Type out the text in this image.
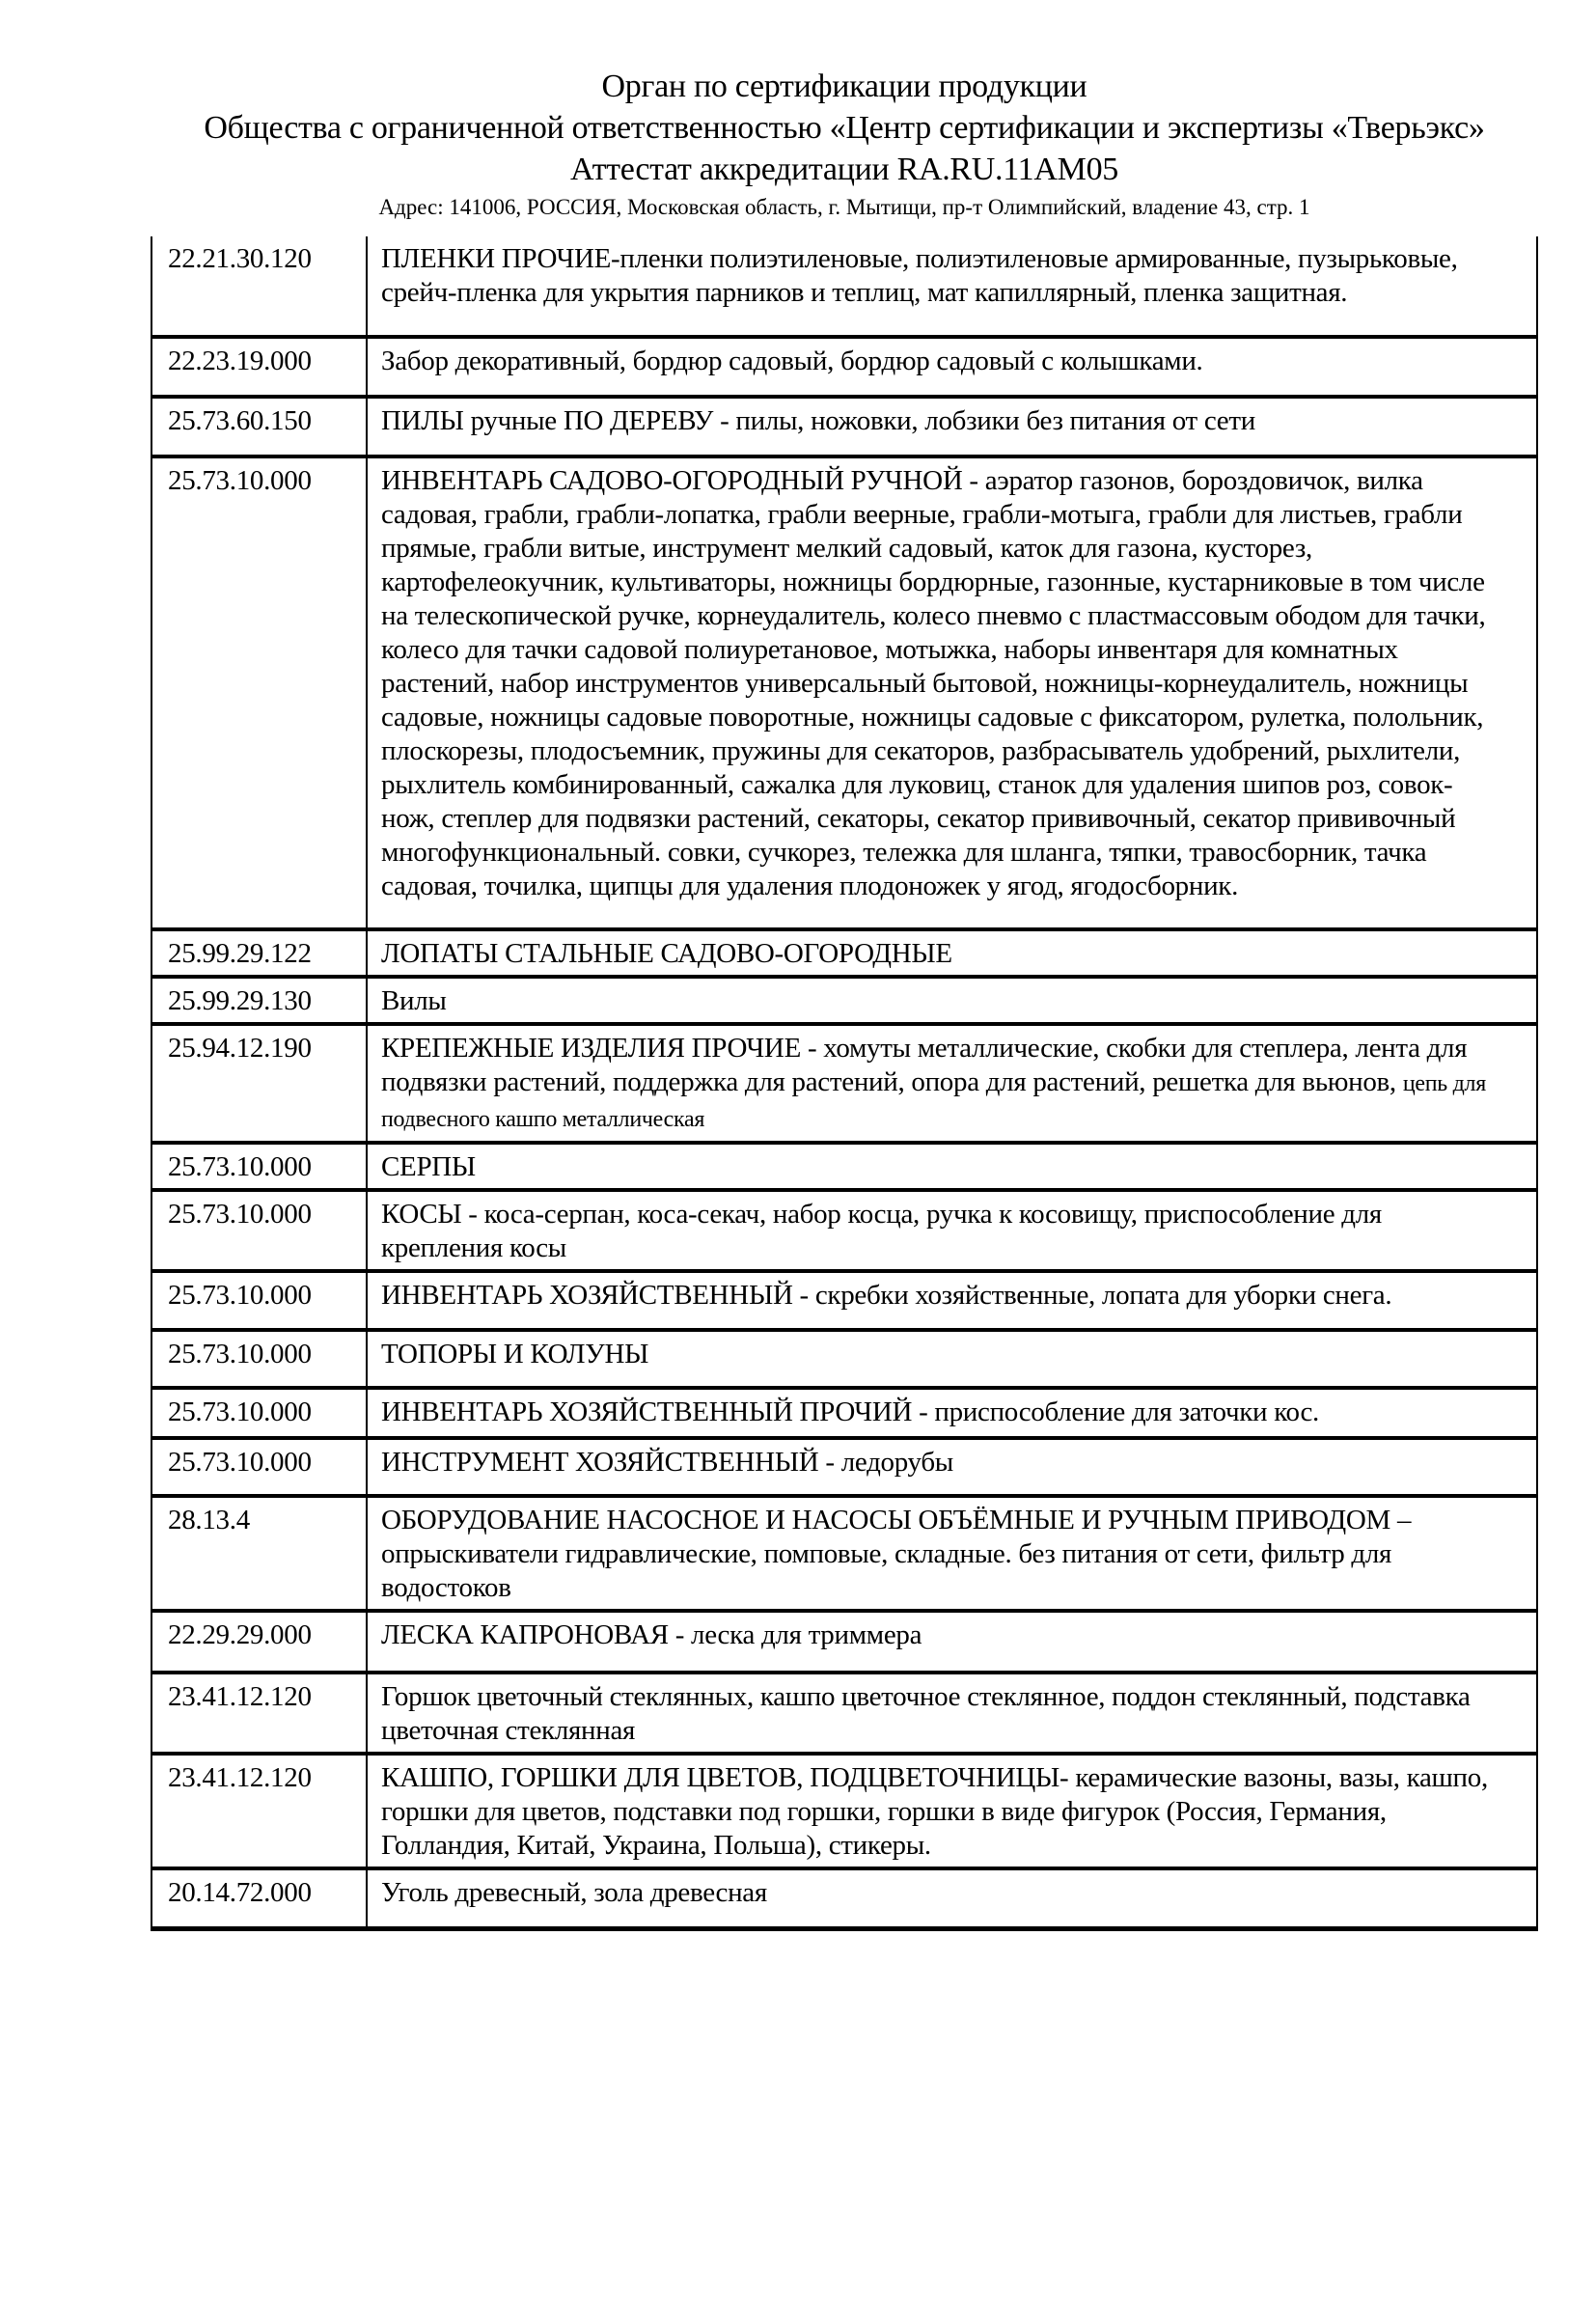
Орган по сертификации продукции
Общества с ограниченной ответственностью «Центр сертификации и экспертизы «Тверьэкс»
Аттестат аккредитации RA.RU.11АМ05
Адрес: 141006, РОССИЯ, Московская область, г. Мытищи, пр-т Олимпийский, владение 43, стр. 1
22.21.30.120	ПЛЕНКИ ПРОЧИЕ-пленки полиэтиленовые, полиэтиленовые армированные, пузырьковые, срейч-пленка для укрытия парников и теплиц, мат капиллярный, пленка защитная.
22.23.19.000	Забор декоративный, бордюр садовый, бордюр садовый с колышками.
25.73.60.150	ПИЛЫ ручные ПО ДЕРЕВУ - пилы, ножовки, лобзики без питания от сети
25.73.10.000	ИНВЕНТАРЬ САДОВО-ОГОРОДНЫЙ РУЧНОЙ - аэратор газонов, бороздовичок, вилка садовая, грабли, грабли-лопатка, грабли веерные, грабли-мотыга, грабли для листьев, грабли прямые, грабли витые, инструмент мелкий садовый, каток для газона, кусторез, картофелеокучник, культиваторы, ножницы бордюрные, газонные, кустарниковые в том числе на телескопической ручке, корнеудалитель, колесо пневмо с пластмассовым ободом для тачки, колесо для тачки садовой полиуретановое, мотыжка, наборы инвентаря для комнатных растений, набор инструментов универсальный бытовой, ножницы-корнеудалитель, ножницы садовые, ножницы садовые поворотные, ножницы садовые с фиксатором, рулетка, полольник, плоскорезы, плодосъемник, пружины для секаторов, разбрасыватель удобрений, рыхлители, рыхлитель комбинированный, сажалка для луковиц, станок для удаления шипов роз, совок-нож, степлер для подвязки растений, секаторы, секатор прививочный, секатор прививочный многофункциональный. совки, сучкорез, тележка для шланга, тяпки, травосборник, тачка садовая, точилка, щипцы для удаления плодоножек у ягод, ягодосборник.
25.99.29.122	ЛОПАТЫ СТАЛЬНЫЕ САДОВО-ОГОРОДНЫЕ
25.99.29.130	Вилы
25.94.12.190	КРЕПЕЖНЫЕ ИЗДЕЛИЯ ПРОЧИЕ - хомуты металлические, скобки для степлера, лента для подвязки растений, поддержка для растений, опора для растений, решетка для вьюнов, цепь для подвесного кашпо металлическая
25.73.10.000	СЕРПЫ
25.73.10.000	КОСЫ - коса-серпан, коса-секач, набор косца, ручка к косовищу, приспособление для крепления косы
25.73.10.000	ИНВЕНТАРЬ ХОЗЯЙСТВЕННЫЙ - скребки хозяйственные, лопата для уборки снега.
25.73.10.000	ТОПОРЫ И КОЛУНЫ
25.73.10.000	ИНВЕНТАРЬ ХОЗЯЙСТВЕННЫЙ ПРОЧИЙ - приспособление для заточки кос.
25.73.10.000	ИНСТРУМЕНТ ХОЗЯЙСТВЕННЫЙ - ледорубы
28.13.4	ОБОРУДОВАНИЕ НАСОСНОЕ И НАСОСЫ ОБЪЁМНЫЕ И РУЧНЫМ ПРИВОДОМ – опрыскиватели гидравлические, помповые, складные. без питания от сети, фильтр для водостоков
22.29.29.000	ЛЕСКА КАПРОНОВАЯ - леска для триммера
23.41.12.120	Горшок цветочный стеклянных, кашпо цветочное стеклянное, поддон стеклянный, подставка цветочная стеклянная
23.41.12.120	КАШПО, ГОРШКИ ДЛЯ ЦВЕТОВ, ПОДЦВЕТОЧНИЦЫ- керамические вазоны, вазы, кашпо, горшки для цветов, подставки под горшки, горшки в виде фигурок (Россия, Германия, Голландия, Китай, Украина, Польша), стикеры.
20.14.72.000	Уголь древесный, зола древесная
